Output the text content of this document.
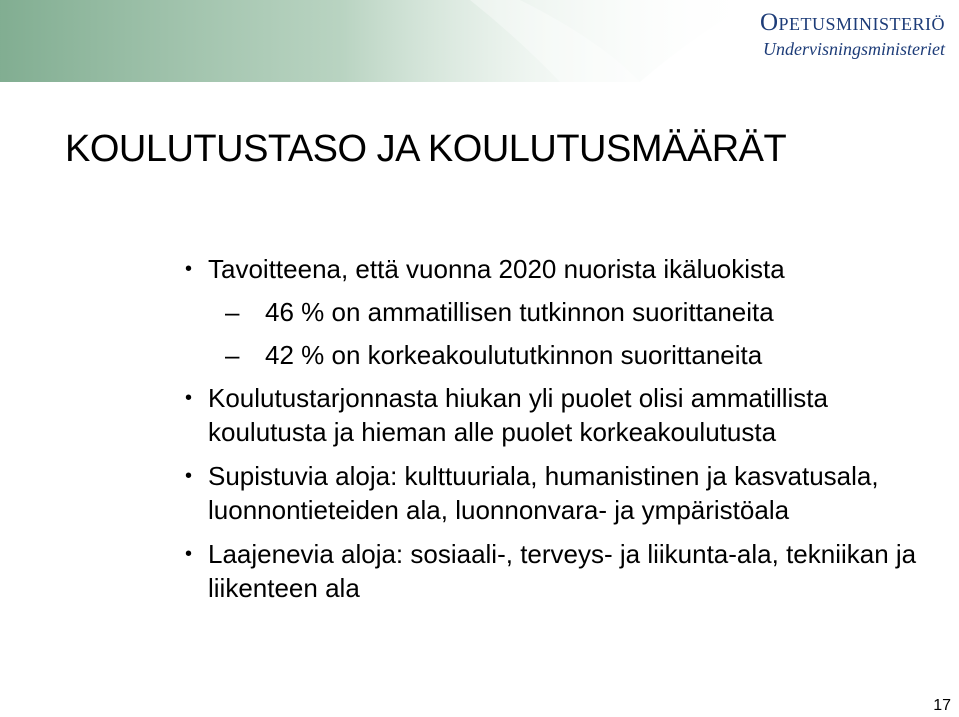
Opetusministeriö
Undervisningsministeriet
KOULUTUSTASO JA KOULUTUSMÄÄRÄT
• Tavoitteena, että vuonna 2020 nuorista ikäluokista
– 46 % on ammatillisen tutkinnon suorittaneita
– 42 % on korkeakoulututkinnon suorittaneita
• Koulutustarjonnasta hiukan yli puolet olisi ammatillista koulutusta ja hieman alle puolet korkeakoulutusta
• Supistuvia aloja: kulttuuriala, humanistinen ja kasvatusala, luonnontieteiden ala, luonnonvara- ja ympäristöala
• Laajenevia aloja: sosiaali-, terveys- ja liikunta-ala, tekniikan ja liikenteen ala
17
